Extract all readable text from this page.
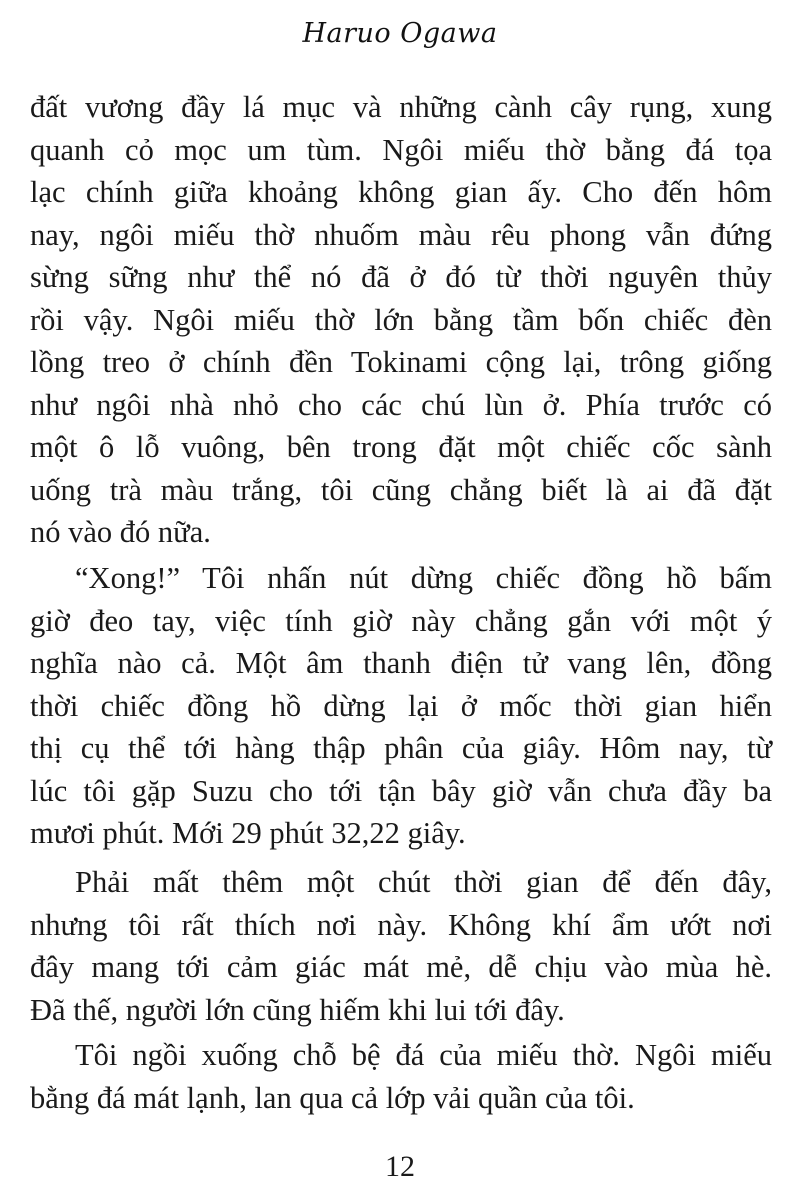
Haruo Ogawa
đất vương đầy lá mục và những cành cây rụng, xung
quanh cỏ mọc um tùm. Ngôi miếu thờ bằng đá tọa
lạc chính giữa khoảng không gian ấy. Cho đến hôm
nay, ngôi miếu thờ nhuốm màu rêu phong vẫn đứng
sừng sững như thể nó đã ở đó từ thời nguyên thủy
rồi vậy. Ngôi miếu thờ lớn bằng tầm bốn chiếc đèn
lồng treo ở chính đền Tokinami cộng lại, trông giống
như ngôi nhà nhỏ cho các chú lùn ở. Phía trước có
một ô lỗ vuông, bên trong đặt một chiếc cốc sành
uống trà màu trắng, tôi cũng chẳng biết là ai đã đặt
nó vào đó nữa.
“Xong!” Tôi nhấn nút dừng chiếc đồng hồ bấm
giờ đeo tay, việc tính giờ này chẳng gắn với một ý
nghĩa nào cả. Một âm thanh điện tử vang lên, đồng
thời chiếc đồng hồ dừng lại ở mốc thời gian hiển
thị cụ thể tới hàng thập phân của giây. Hôm nay, từ
lúc tôi gặp Suzu cho tới tận bây giờ vẫn chưa đầy ba
mươi phút. Mới 29 phút 32,22 giây.
Phải mất thêm một chút thời gian để đến đây,
nhưng tôi rất thích nơi này. Không khí ẩm ướt nơi
đây mang tới cảm giác mát mẻ, dễ chịu vào mùa hè.
Đã thế, người lớn cũng hiếm khi lui tới đây.
Tôi ngồi xuống chỗ bệ đá của miếu thờ. Ngôi miếu
bằng đá mát lạnh, lan qua cả lớp vải quần của tôi.
12
